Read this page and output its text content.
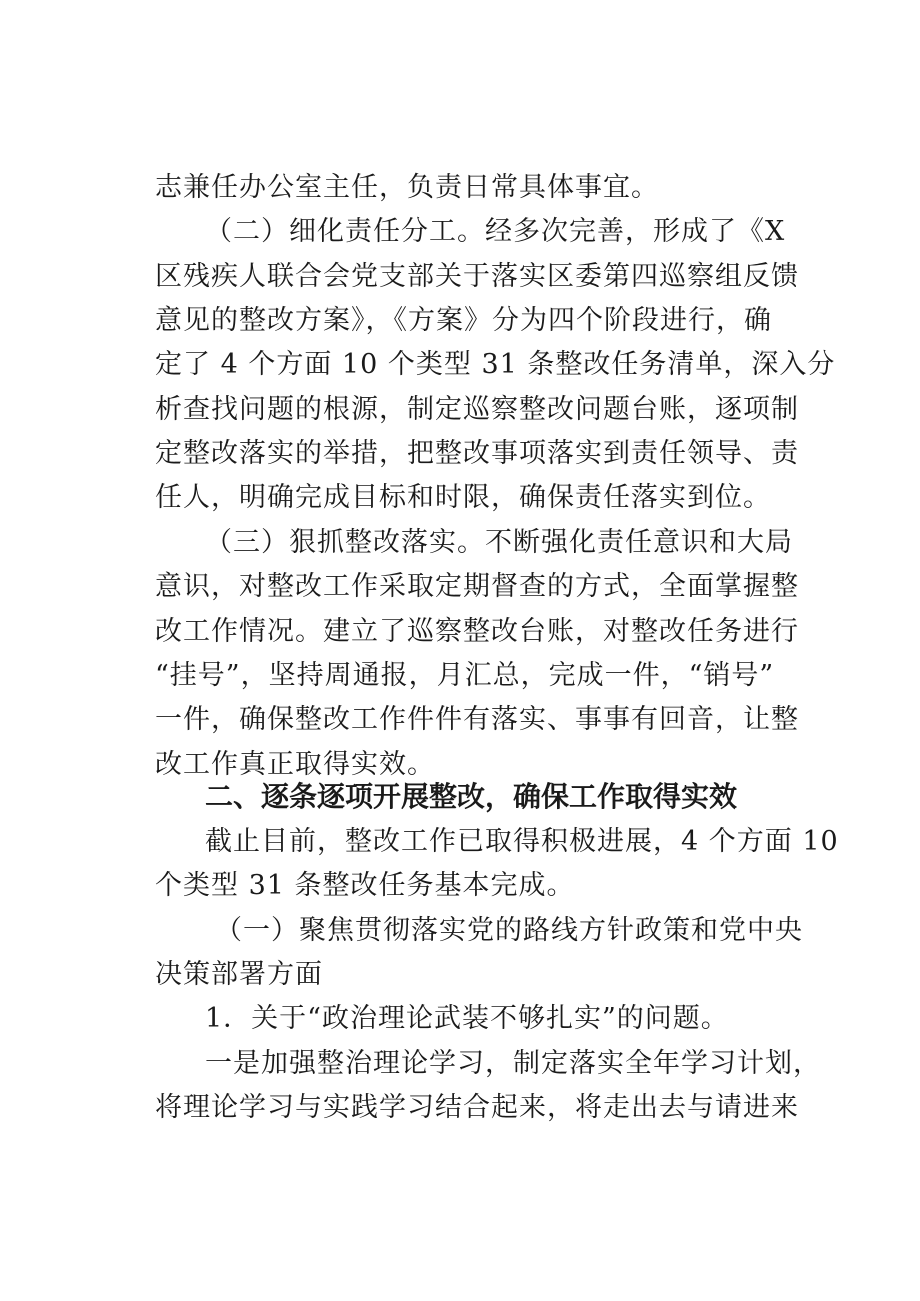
志兼任办公室主任，负责日常具体事宜。
（二）细化责任分工。经多次完善，形成了《X
区残疾人联合会党支部关于落实区委第四巡察组反馈
意见的整改方案》，《方案》分为四个阶段进行，确
定了 4 个方面 10 个类型 31 条整改任务清单，深入分
析查找问题的根源，制定巡察整改问题台账，逐项制
定整改落实的举措，把整改事项落实到责任领导、责
任人，明确完成目标和时限，确保责任落实到位。
（三）狠抓整改落实。不断强化责任意识和大局
意识，对整改工作采取定期督查的方式，全面掌握整
改工作情况。建立了巡察整改台账，对整改任务进行
“挂号”，坚持周通报，月汇总，完成一件，“销号”
一件，确保整改工作件件有落实、事事有回音，让整
改工作真正取得实效。
二、逐条逐项开展整改，确保工作取得实效
截止目前，整改工作已取得积极进展，4 个方面 10
个类型 31 条整改任务基本完成。
（一）聚焦贯彻落实党的路线方针政策和党中央
决策部署方面
1．关于“政治理论武装不够扎实”的问题。
一是加强整治理论学习，制定落实全年学习计划，
将理论学习与实践学习结合起来，将走出去与请进来
